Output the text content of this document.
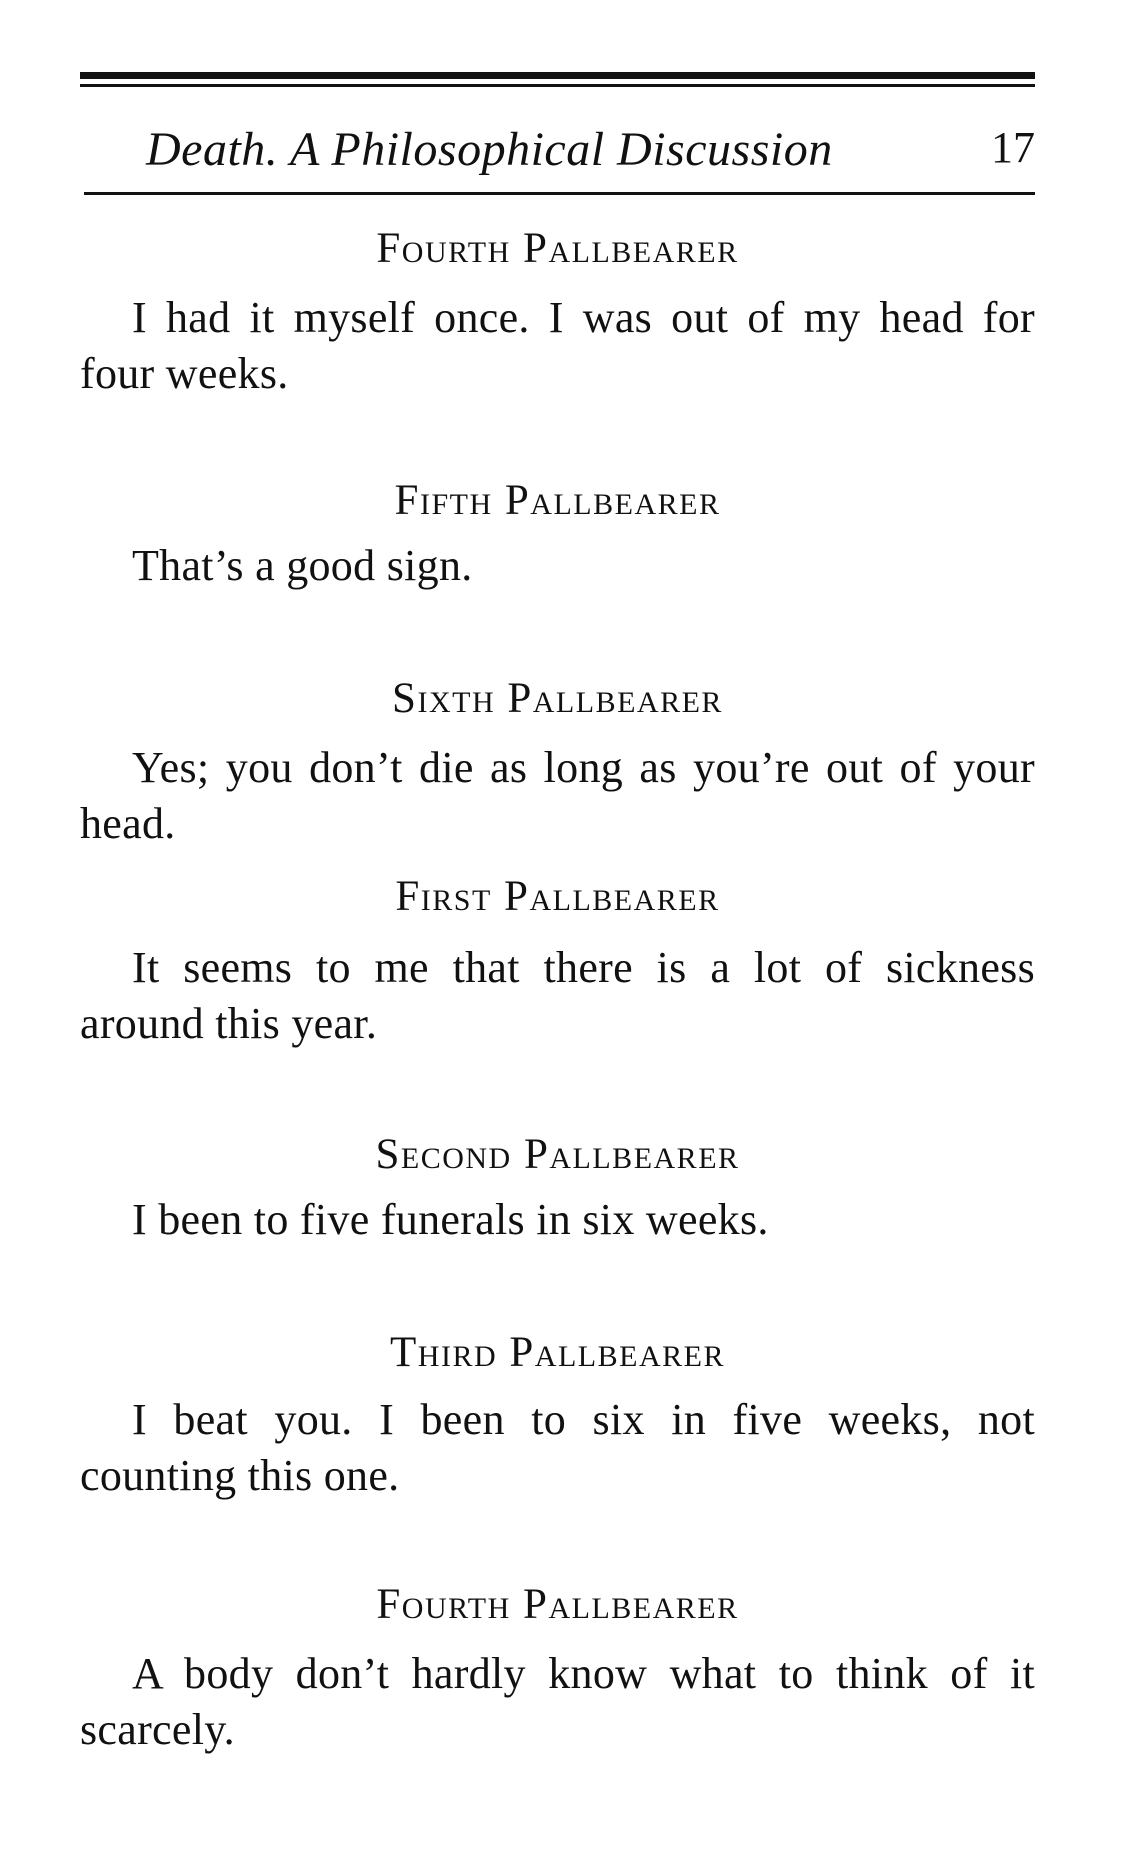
Death. A Philosophical Discussion	17
Fourth Pallbearer
I had it myself once. I was out of my head for four weeks.
Fifth Pallbearer
That’s a good sign.
Sixth Pallbearer
Yes; you don’t die as long as you’re out of your head.
First Pallbearer
It seems to me that there is a lot of sickness around this year.
Second Pallbearer
I been to five funerals in six weeks.
Third Pallbearer
I beat you. I been to six in five weeks, not counting this one.
Fourth Pallbearer
A body don’t hardly know what to think of it scarcely.
